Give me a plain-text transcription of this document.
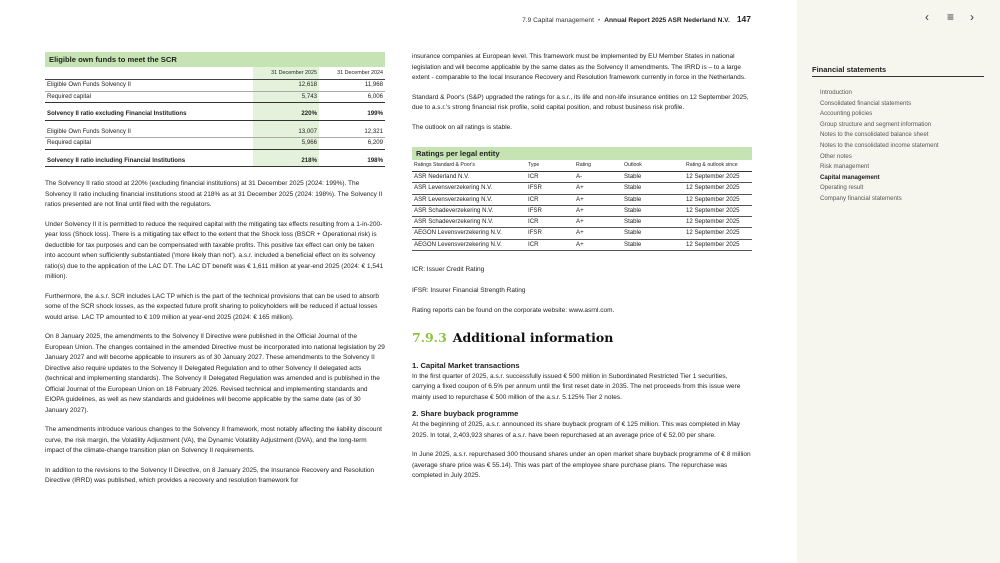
7.9 Capital management • Annual Report 2025 ASR Nederland N.V. 147
Eligible own funds to meet the SCR
	31 December 2025	31 December 2024
Eligible Own Funds Solvency II	12,618	11,968
Required capital	5,743	6,006

Solvency II ratio excluding Financial Institutions	220%	199%

Eligible Own Funds Solvency II	13,007	12,321
Required capital	5,966	6,209

Solvency II ratio including Financial Institutions	218%	198%

The Solvency II ratio stood at 220% (excluding financial institutions) at 31 December 2025 (2024: 199%). The Solvency II ratio including financial institutions stood at 218% as at 31 December 2025 (2024: 198%). The Solvency II ratios presented are not final until filed with the regulators.

Under Solvency II it is permitted to reduce the required capital with the mitigating tax effects resulting from a 1-in-200-year loss (Shock loss). There is a mitigating tax effect to the extent that the Shock loss (BSCR + Operational risk) is deductible for tax purposes and can be compensated with taxable profits. This positive tax effect can only be taken into account when sufficiently substantiated ('more likely than not'). a.s.r. included a beneficial effect on its solvency ratio(s) due to the application of the LAC DT. The LAC DT benefit was € 1,611 million at year-end 2025 (2024: € 1,541 million).

Furthermore, the a.s.r. SCR includes LAC TP which is the part of the technical provisions that can be used to absorb some of the SCR shock losses, as the expected future profit sharing to policyholders will be reduced if actual losses would arise. LAC TP amounted to € 109 million at year-end 2025 (2024: € 165 million).

On 8 January 2025, the amendments to the Solvency II Directive were published in the Official Journal of the European Union. The changes contained in the amended Directive must be incorporated into national legislation by 29 January 2027 and will become applicable to insurers as of 30 January 2027. These amendments to the Solvency II Directive also require updates to the Solvency II Delegated Regulation and to other Solvency II delegated acts (technical and implementing standards). The Solvency II Delegated Regulation was amended and is published in the Official Journal of the European Union on 18 February 2026. Revised technical and implementing standards and EIOPA guidelines, as well as new standards and guidelines will become applicable by the same date (as of 30 January 2027).

The amendments introduce various changes to the Solvency II framework, most notably affecting the liability discount curve, the risk margin, the Volatility Adjustment (VA), the Dynamic Volatility Adjustment (DVA), and the long-term impact of the climate-change transition plan on Solvency II requirements.

In addition to the revisions to the Solvency II Directive, on 8 January 2025, the Insurance Recovery and Resolution Directive (IRRD) was published, which provides a recovery and resolution framework for

insurance companies at European level. This framework must be implemented by EU Member States in national legislation and will become applicable by the same dates as the Solvency II amendments. The IRRD is – to a large extent - comparable to the local Insurance Recovery and Resolution framework currently in force in the Netherlands.

Standard & Poor's (S&P) upgraded the ratings for a.s.r., its life and non-life insurance entities on 12 September 2025, due to a.s.r.'s strong financial risk profile, solid capital position, and robust business risk profile.

The outlook on all ratings is stable.

Ratings per legal entity
Ratings Standard & Poor's	Type	Rating	Outlook	Rating & outlook since
ASR Nederland N.V.	ICR	A-	Stable	12 September 2025
ASR Levensverzekering N.V.	IFSR	A+	Stable	12 September 2025
ASR Levensverzekering N.V.	ICR	A+	Stable	12 September 2025
ASR Schadeverzekering N.V.	IFSR	A+	Stable	12 September 2025
ASR Schadeverzekering N.V.	ICR	A+	Stable	12 September 2025
AEGON Levensverzekering N.V.	IFSR	A+	Stable	12 September 2025
AEGON Levensverzekering N.V.	ICR	A+	Stable	12 September 2025

ICR: Issuer Credit Rating

IFSR: Insurer Financial Strength Rating

Rating reports can be found on the corporate website: www.asrnl.com.

7.9.3 Additional information
1. Capital Market transactions

In the first quarter of 2025, a.s.r. successfully issued € 500 million in Subordinated Restricted Tier 1 securities, carrying a fixed coupon of 6.5% per annum until the first reset date in 2035. The net proceeds from this issue were mainly used to repurchase € 500 million of the a.s.r. 5.125% Tier 2 notes.

2. Share buyback programme

At the beginning of 2025, a.s.r. announced its share buyback program of € 125 million. This was completed in May 2025. In total, 2,403,923 shares of a.s.r. have been repurchased at an average price of € 52.00 per share.

In June 2025, a.s.r. repurchased 300 thousand shares under an open market share buyback programme of € 8 million (average share price was € 55.14). This was part of the employee share purchase plans. The repurchase was completed in July 2025.

‹ ≡ ›
Financial statements
Introduction
Consolidated financial statements
Accounting policies
Group structure and segment information
Notes to the consolidated balance sheet
Notes to the consolidated income statement
Other notes
Risk management
Capital management
Operating result
Company financial statements
